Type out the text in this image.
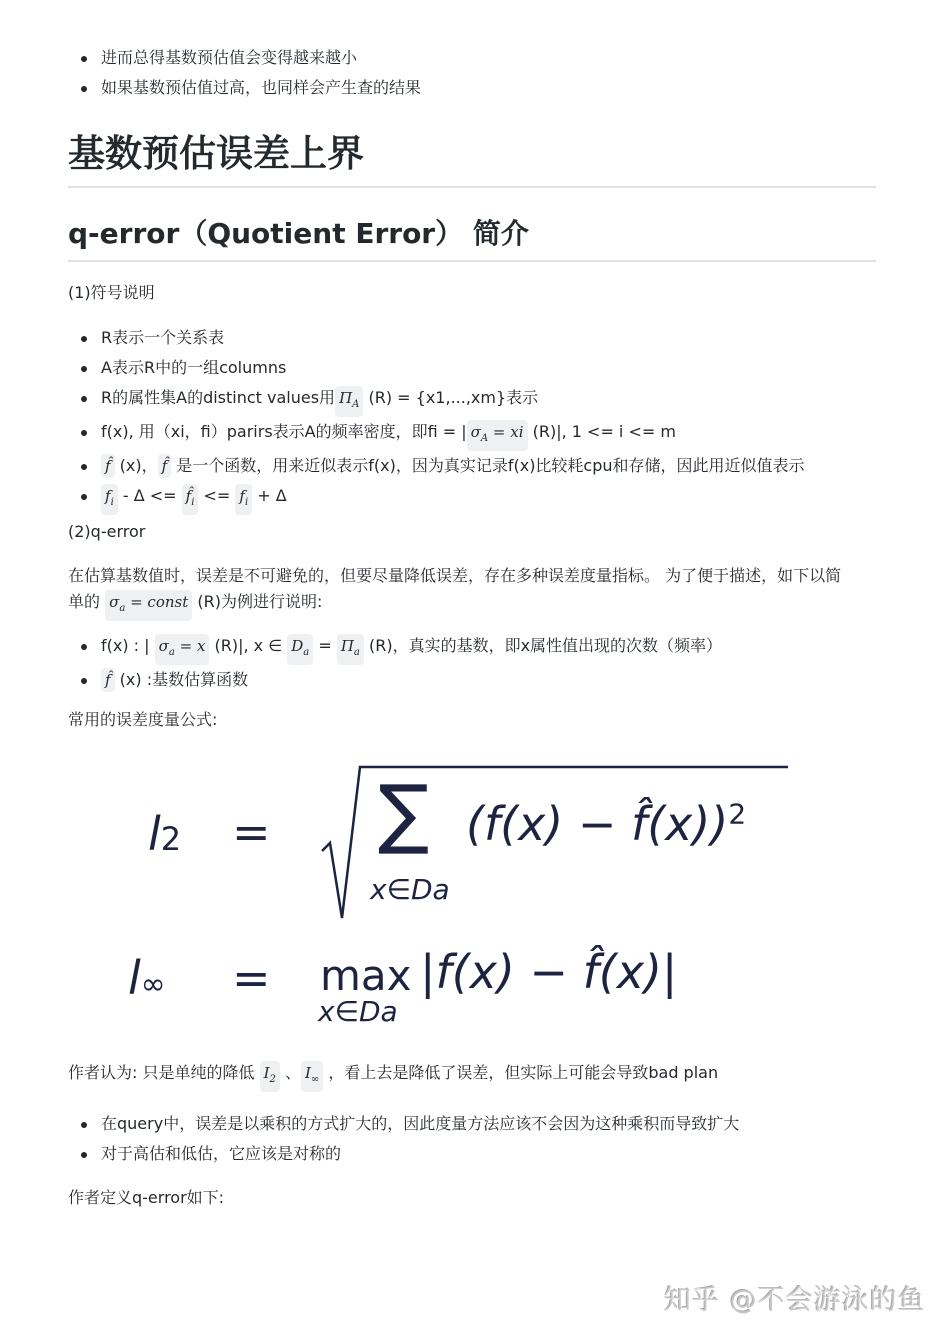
进而总得基数预估值会变得越来越小
如果基数预估值过高，也同样会产生查的结果
基数预估误差上界
q-error（Quotient Error） 简介
(1)符号说明
R表示一个关系表
A表示R中的一组columns
R的属性集A的distinct values用 $\Pi_A$ (R) = {x1,...,xm}表示
f(x), 用（xi，fi）parirs表示A的频率密度，即fi = | $\sigma_A$ = xi (R)|, 1 <= i <= m
f̂ (x)， f̂ 是一个函数，用来近似表示f(x)，因为真实记录f(x)比较耗cpu和存储，因此用近似值表示
$f_i$ - $\Delta <= f̂_i <= f_i + \Delta$
(2)q-error
在估算基数值时，误差是不可避免的，但要尽量降低误差，存在多种误差度量指标。 为了便于描述，如下以简
单的 $\sigma_a$ = const (R)为例进行说明:
f(x) : | $\sigma_a = x$ (R)|, x ∈ $D_a = \Pi_a$ (R)，真实的基数，即x属性值出现的次数（频率）
f̂ (x) :基数估算函数
常用的误差度量公式:
l2 = ∑
x∈Da
(f(x) − f̂(x))$^2$
l∞ = max
x∈Da
|f(x) − f̂(x)|
作者认为: 只是单纯的降低 $I_2$ 、 $I_\infty$ ，看上去是降低了误差，但实际上可能会导致bad plan
在query中，误差是以乘积的方式扩大的，因此度量方法应该不会因为这种乘积而导致扩大
对于高估和低估，它应该是对称的
作者定义q-error如下:
知乎 @不会游泳的鱼
